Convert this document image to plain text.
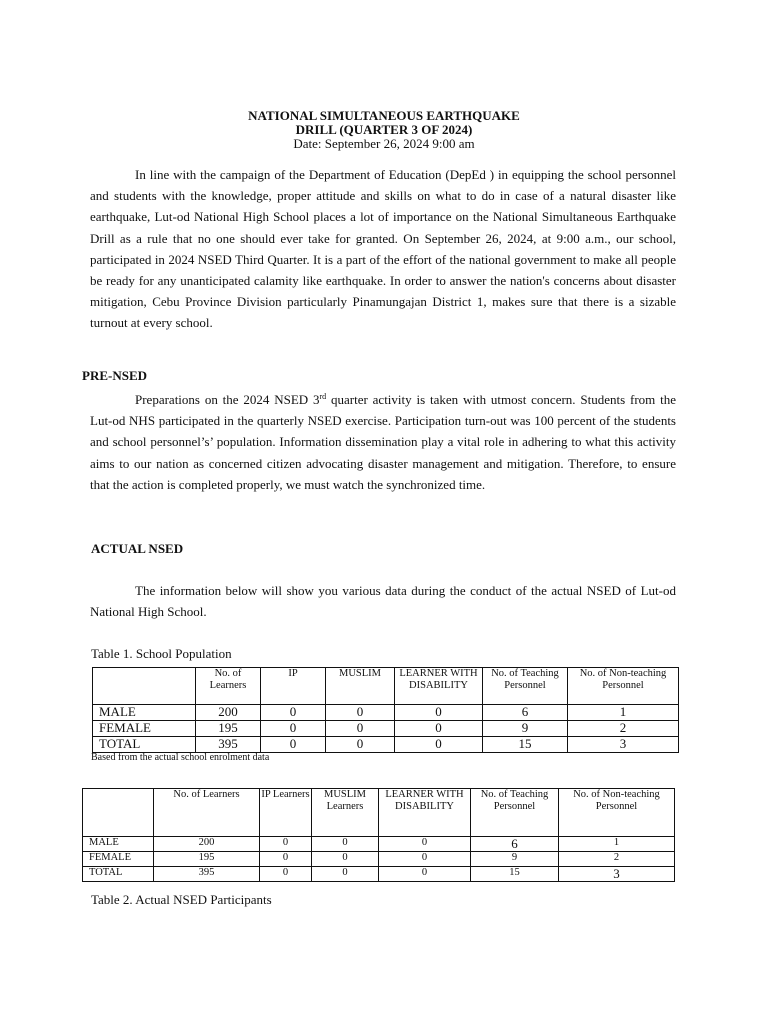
NATIONAL SIMULTANEOUS EARTHQUAKE
DRILL (QUARTER 3 OF 2024)
Date: September 26, 2024 9:00 am

In line with the campaign of the Department of Education (DepEd ) in equipping the school personnel and students with the knowledge, proper attitude and skills on what to do in case of a natural disaster like earthquake, Lut-od National High School places a lot of importance on the National Simultaneous Earthquake Drill as a rule that no one should ever take for granted. On September 26, 2024, at 9:00 a.m., our school, participated in 2024 NSED Third Quarter. It is a part of the effort of the national government to make all people be ready for any unanticipated calamity like earthquake. In order to answer the nation's concerns about disaster mitigation, Cebu Province Division particularly Pinamungajan District 1, makes sure that there is a sizable turnout at every school.

PRE-NSED

Preparations on the 2024 NSED 3rd quarter activity is taken with utmost concern. Students from the Lut-od NHS participated in the quarterly NSED exercise. Participation turn-out was 100 percent of the students and school personnel’s’ population. Information dissemination play a vital role in adhering to what this activity aims to our nation as concerned citizen advocating disaster management and mitigation. Therefore, to ensure that the action is completed properly, we must watch the synchronized time.

ACTUAL NSED

The information below will show you various data during the conduct of the actual NSED of Lut-od National High School.

Table 1. School Population
	No. of Learners	IP	MUSLIM	LEARNER WITH DISABILITY	No. of Teaching Personnel	No. of Non-teaching Personnel
MALE	200	0	0	0	6	1
FEMALE	195	0	0	0	9	2
TOTAL	395	0	0	0	15	3
Based from the actual school enrolment data
	No. of Learners	IP Learners	MUSLIM Learners	LEARNER WITH DISABILITY	No. of Teaching Personnel	No. of Non-teaching Personnel
MALE	200	0	0	0	6	1
FEMALE	195	0	0	0	9	2
TOTAL	395	0	0	0	15	3
Table 2. Actual NSED Participants
